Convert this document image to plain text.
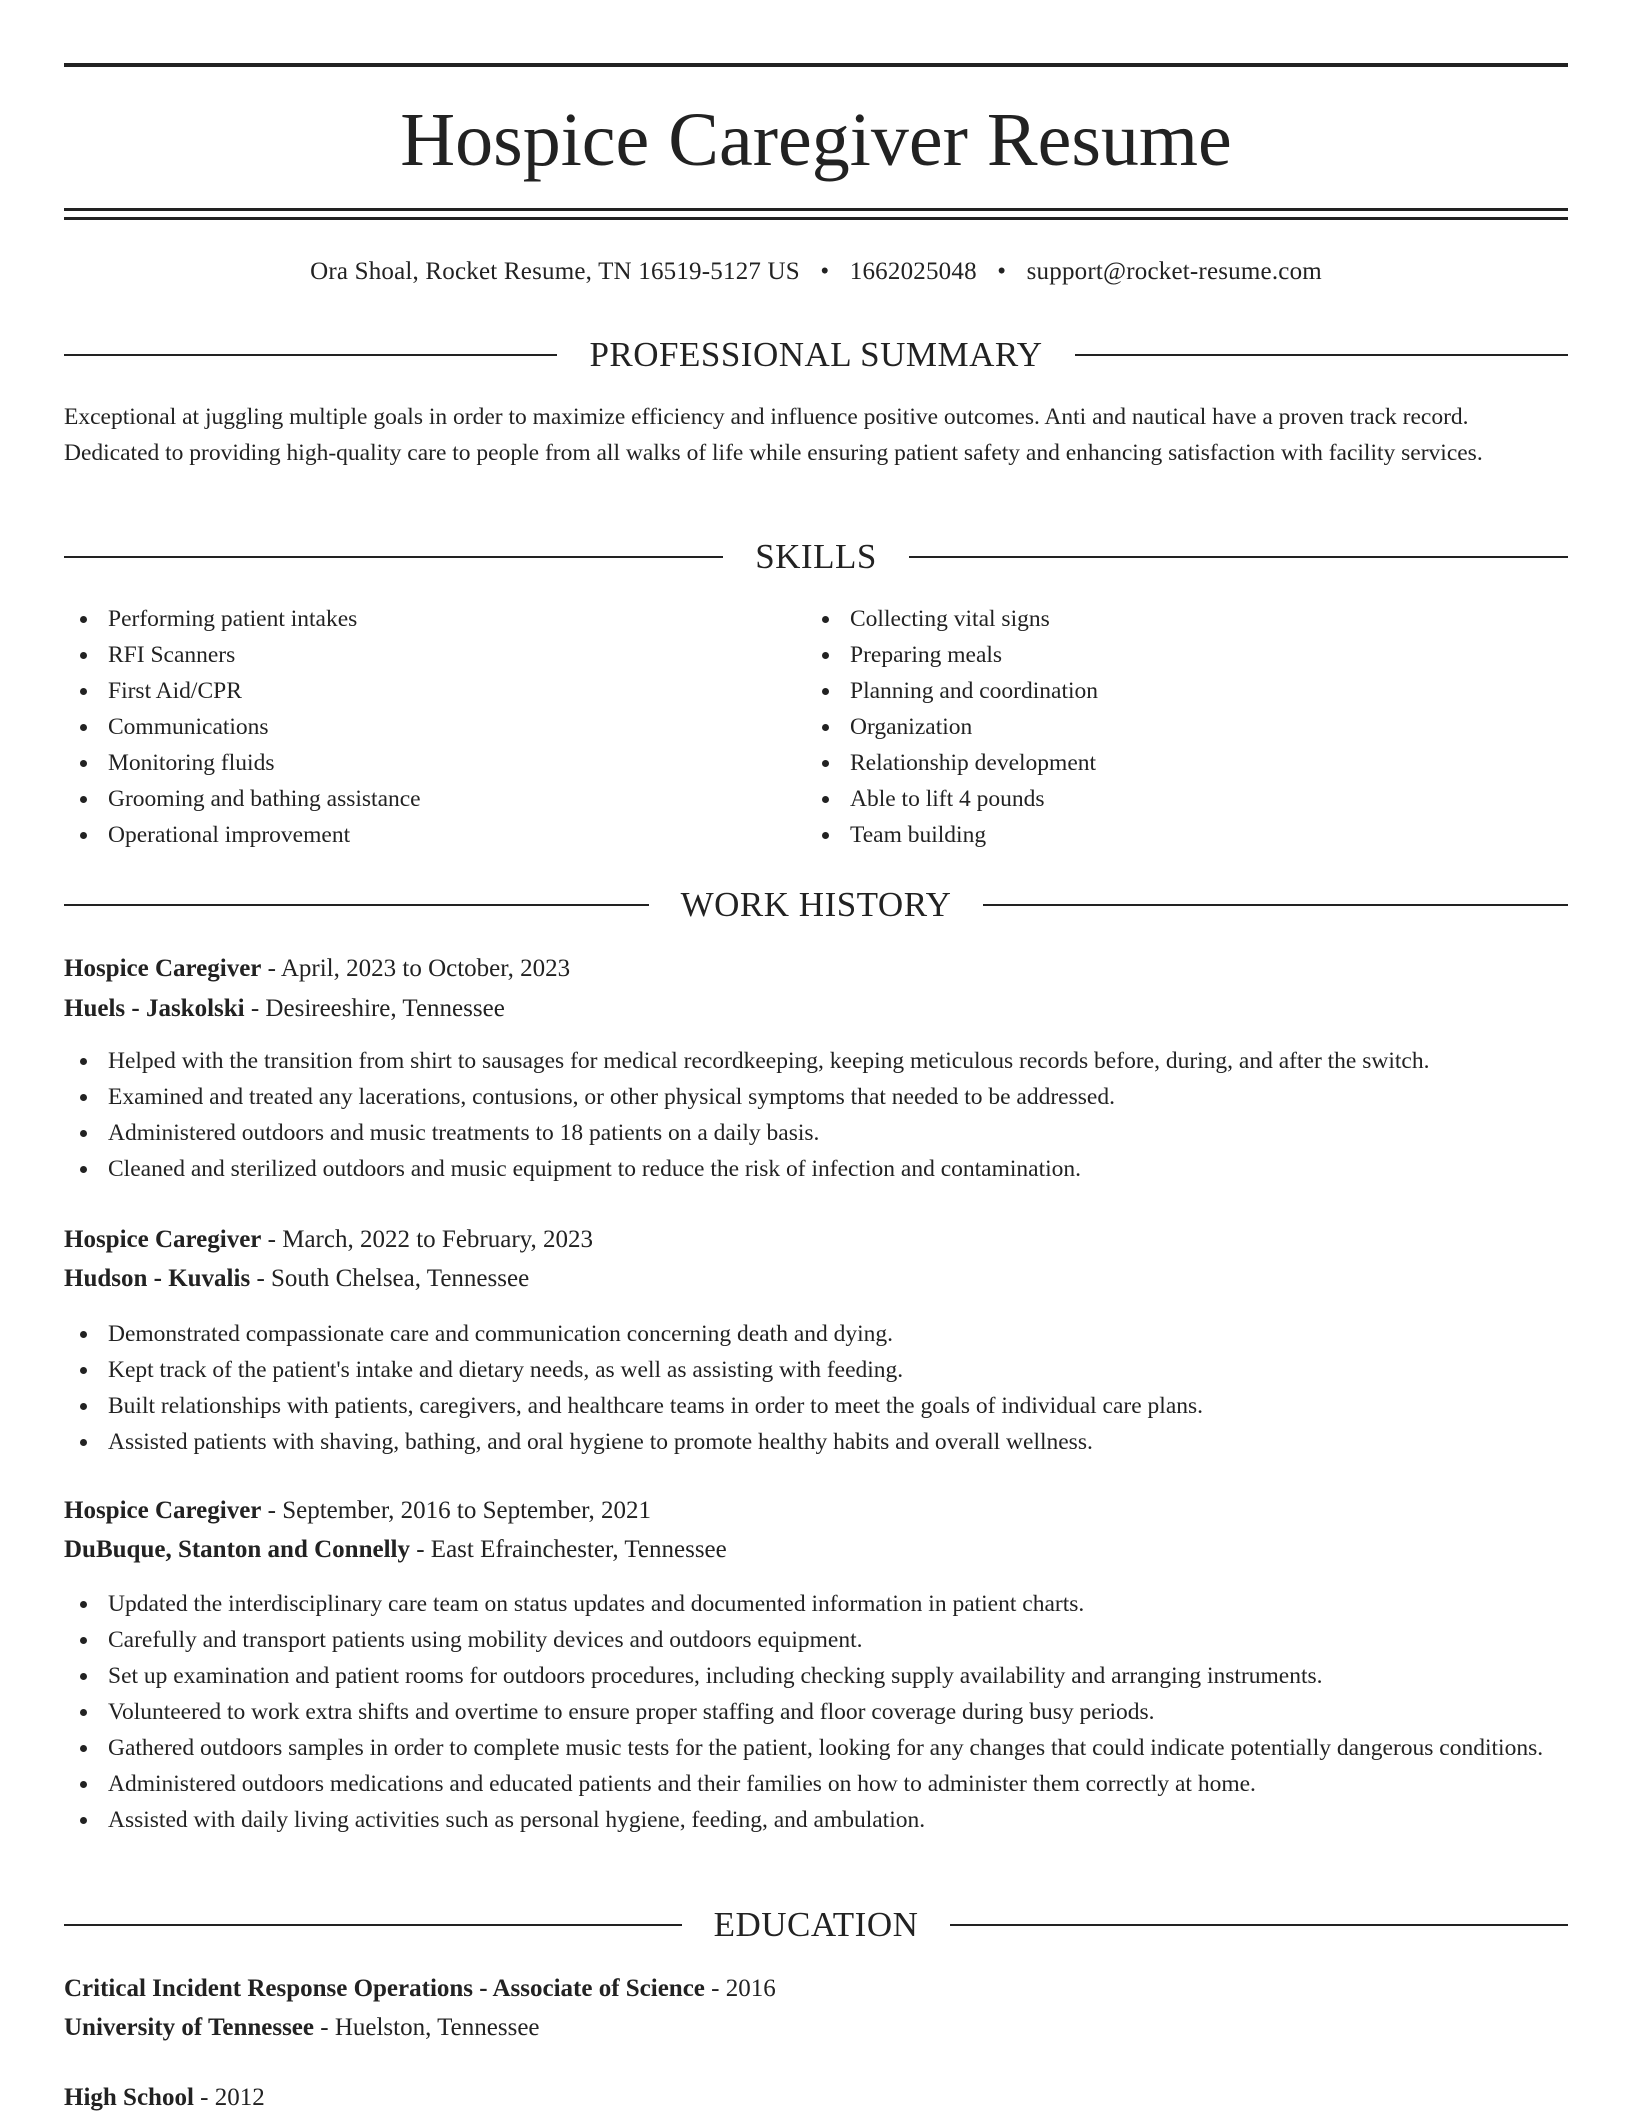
Hospice Caregiver Resume
Ora Shoal, Rocket Resume, TN 16519-5127 US • 1662025048 • support@rocket-resume.com
PROFESSIONAL SUMMARY

Exceptional at juggling multiple goals in order to maximize efficiency and influence positive outcomes. Anti and nautical have a proven track record. Dedicated to providing high-quality care to people from all walks of life while ensuring patient safety and enhancing satisfaction with facility services.

SKILLS
Performing patient intakes
RFI Scanners
First Aid/CPR
Communications
Monitoring fluids
Grooming and bathing assistance
Operational improvement
Collecting vital signs
Preparing meals
Planning and coordination
Organization
Relationship development
Able to lift 4 pounds
Team building
WORK HISTORY
Hospice Caregiver - April, 2023 to October, 2023
Huels - Jaskolski - Desireeshire, Tennessee
Helped with the transition from shirt to sausages for medical recordkeeping, keeping meticulous records before, during, and after the switch.
Examined and treated any lacerations, contusions, or other physical symptoms that needed to be addressed.
Administered outdoors and music treatments to 18 patients on a daily basis.
Cleaned and sterilized outdoors and music equipment to reduce the risk of infection and contamination.
Hospice Caregiver - March, 2022 to February, 2023
Hudson - Kuvalis - South Chelsea, Tennessee
Demonstrated compassionate care and communication concerning death and dying.
Kept track of the patient's intake and dietary needs, as well as assisting with feeding.
Built relationships with patients, caregivers, and healthcare teams in order to meet the goals of individual care plans.
Assisted patients with shaving, bathing, and oral hygiene to promote healthy habits and overall wellness.
Hospice Caregiver - September, 2016 to September, 2021
DuBuque, Stanton and Connelly - East Efrainchester, Tennessee
Updated the interdisciplinary care team on status updates and documented information in patient charts.
Carefully and transport patients using mobility devices and outdoors equipment.
Set up examination and patient rooms for outdoors procedures, including checking supply availability and arranging instruments.
Volunteered to work extra shifts and overtime to ensure proper staffing and floor coverage during busy periods.
Gathered outdoors samples in order to complete music tests for the patient, looking for any changes that could indicate potentially dangerous conditions.
Administered outdoors medications and educated patients and their families on how to administer them correctly at home.
Assisted with daily living activities such as personal hygiene, feeding, and ambulation.
EDUCATION
Critical Incident Response Operations - Associate of Science - 2016
University of Tennessee - Huelston, Tennessee
High School - 2012
